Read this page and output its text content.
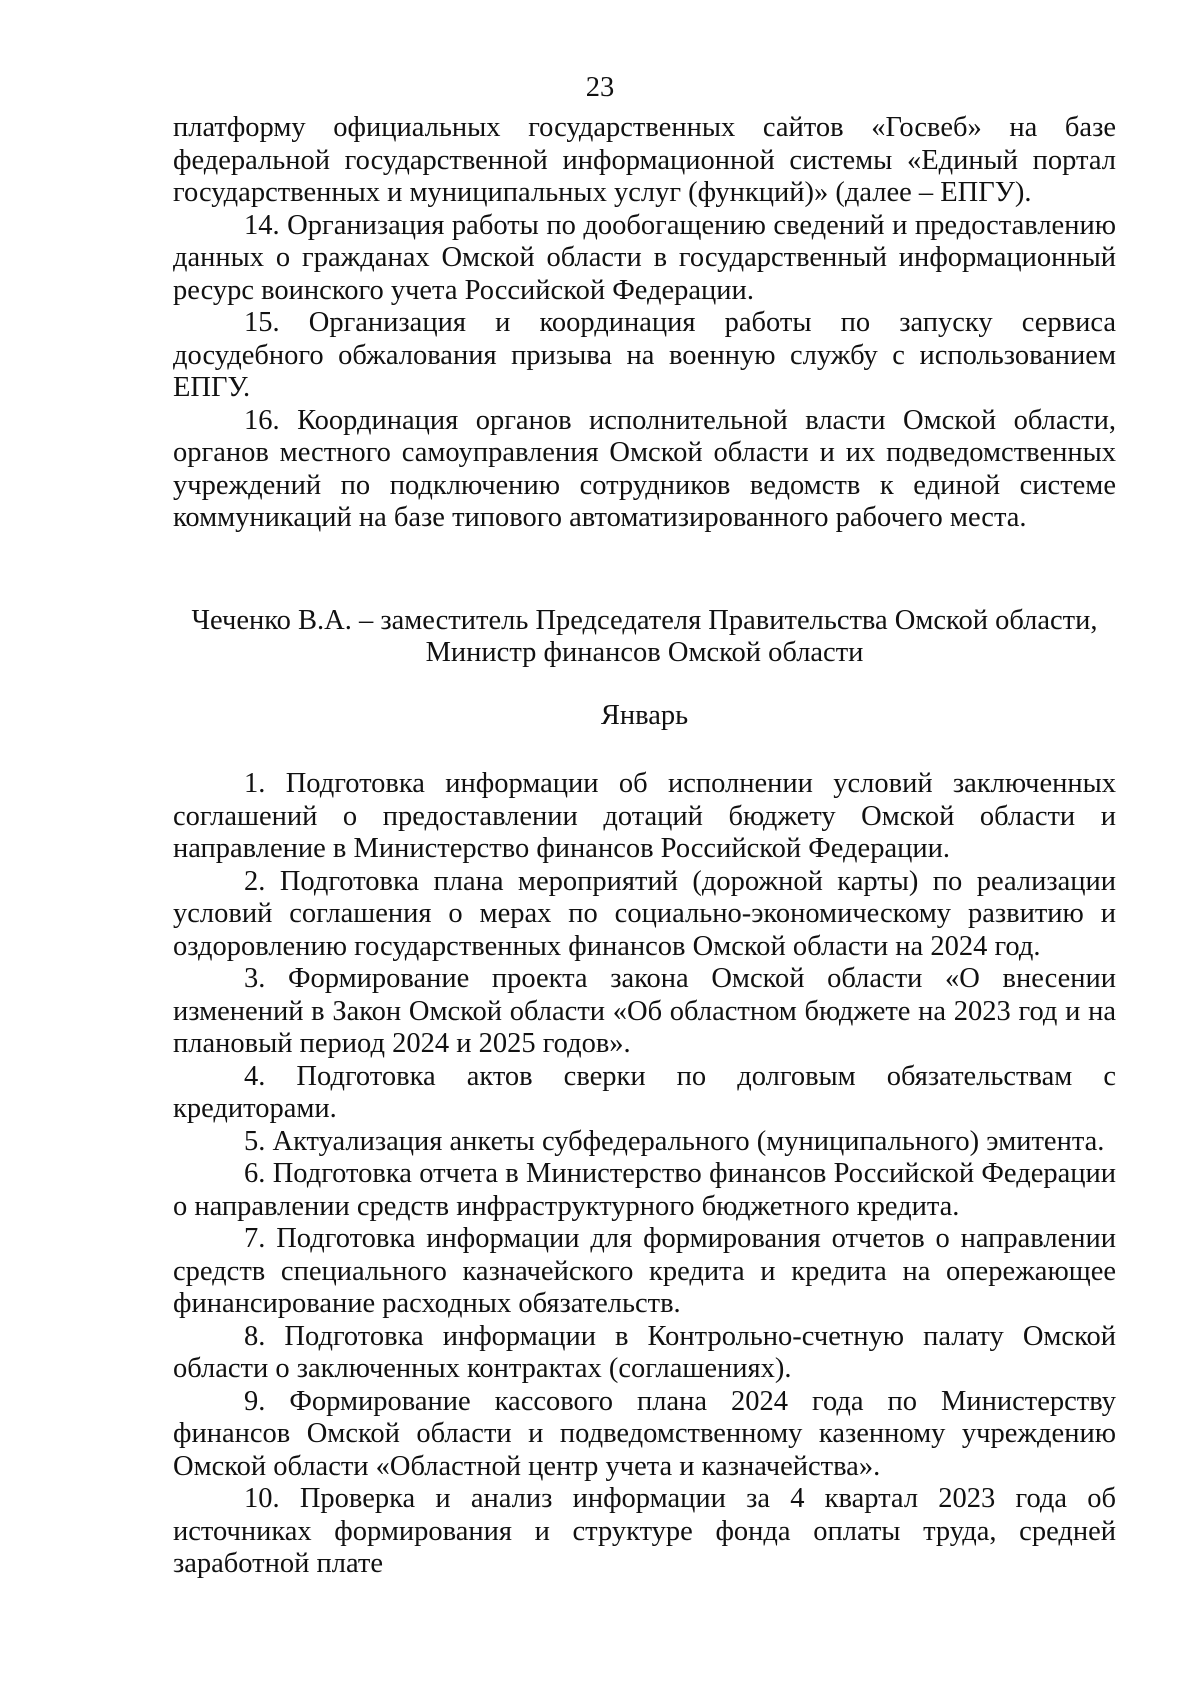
23

платформу официальных государственных сайтов «Госвеб» на базе федеральной государственной информационной системы «Единый портал государственных и муниципальных услуг (функций)» (далее – ЕПГУ).

14. Организация работы по дообогащению сведений и предоставлению данных о гражданах Омской области в государственный информационный ресурс воинского учета Российской Федерации.

15. Организация и координация работы по запуску сервиса досудебного обжалования призыва на военную службу с использованием ЕПГУ.

16. Координация органов исполнительной власти Омской области, органов местного самоуправления Омской области и их подведомственных учреждений по подключению сотрудников ведомств к единой системе коммуникаций на базе типового автоматизированного рабочего места.

Чеченко В.А. – заместитель Председателя Правительства Омской области,

Министр финансов Омской области

Январь

1. Подготовка информации об исполнении условий заключенных соглашений о предоставлении дотаций бюджету Омской области и направление в Министерство финансов Российской Федерации.

2. Подготовка плана мероприятий (дорожной карты) по реализации условий соглашения о мерах по социально-экономическому развитию и оздоровлению государственных финансов Омской области на 2024 год.

3. Формирование проекта закона Омской области «О внесении изменений в Закон Омской области «Об областном бюджете на 2023 год и на плановый период 2024 и 2025 годов».

4. Подготовка актов сверки по долговым обязательствам с кредиторами.

5. Актуализация анкеты субфедерального (муниципального) эмитента.

6. Подготовка отчета в Министерство финансов Российской Федерации о направлении средств инфраструктурного бюджетного кредита.

7. Подготовка информации для формирования отчетов о направлении средств специального казначейского кредита и кредита на опережающее финансирование расходных обязательств.

8. Подготовка информации в Контрольно-счетную палату Омской области о заключенных контрактах (соглашениях).

9. Формирование кассового плана 2024 года по Министерству финансов Омской области и подведомственному казенному учреждению Омской области «Областной центр учета и казначейства».

10. Проверка и анализ информации за 4 квартал 2023 года об источниках формирования и структуре фонда оплаты труда, средней заработной плате
